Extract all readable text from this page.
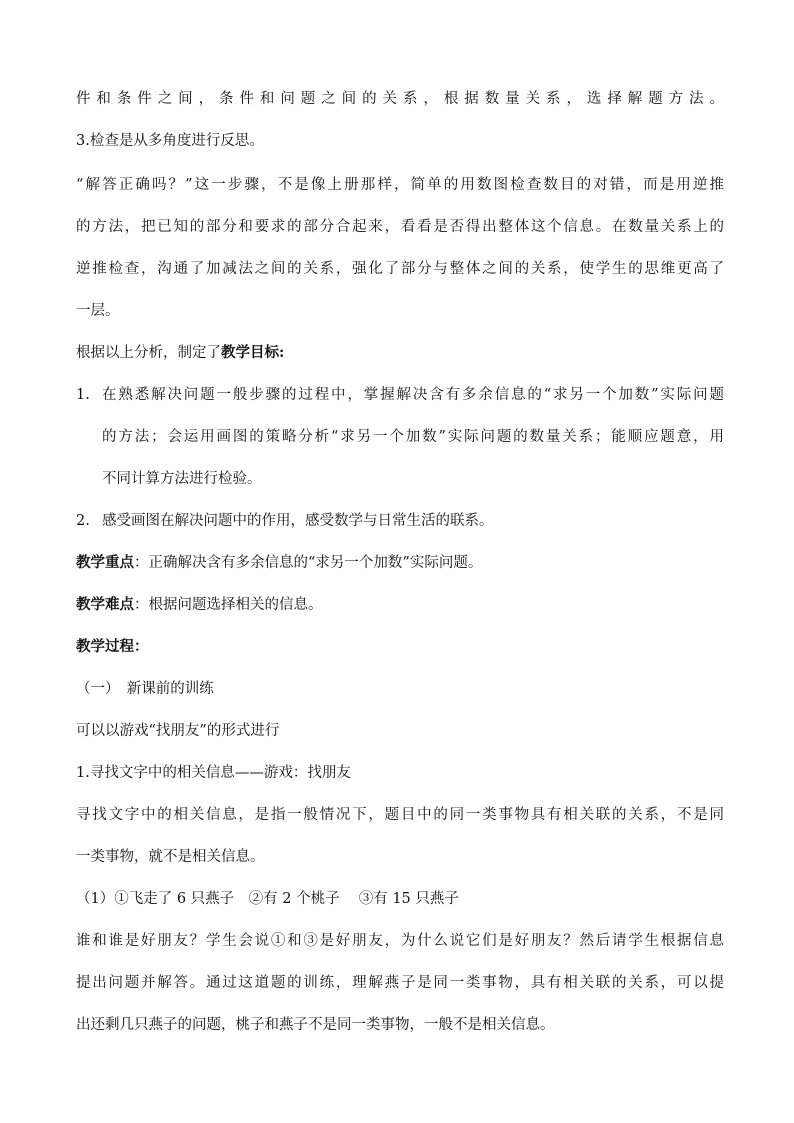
件和条件之间，条件和问题之间的关系，根据数量关系，选择解题方法。
3.检查是从多角度进行反思。
“解答正确吗？”这一步骤，不是像上册那样，简单的用数图检查数目的对错，而是用逆推
的方法，把已知的部分和要求的部分合起来，看看是否得出整体这个信息。在数量关系上的
逆推检查，沟通了加减法之间的关系，强化了部分与整体之间的关系，使学生的思维更高了
一层。
根据以上分析，制定了教学目标:
1. 在熟悉解决问题一般步骤的过程中，掌握解决含有多余信息的“求另一个加数”实际问题
的方法；会运用画图的策略分析“求另一个加数”实际问题的数量关系；能顺应题意，用
不同计算方法进行检验。
2. 感受画图在解决问题中的作用，感受数学与日常生活的联系。
教学重点：正确解决含有多余信息的“求另一个加数”实际问题。
教学难点：根据问题选择相关的信息。
教学过程：
（一）　新课前的训练
可以以游戏“找朋友”的形式进行
1.寻找文字中的相关信息——游戏：找朋友
寻找文字中的相关信息，是指一般情况下，题目中的同一类事物具有相关联的关系，不是同
一类事物，就不是相关信息。
（1）①飞走了 6 只燕子　②有 2 个桃子　 ③有 15 只燕子
谁和谁是好朋友？学生会说①和③是好朋友，为什么说它们是好朋友？然后请学生根据信息
提出问题并解答。通过这道题的训练，理解燕子是同一类事物，具有相关联的关系，可以提
出还剩几只燕子的问题，桃子和燕子不是同一类事物，一般不是相关信息。
